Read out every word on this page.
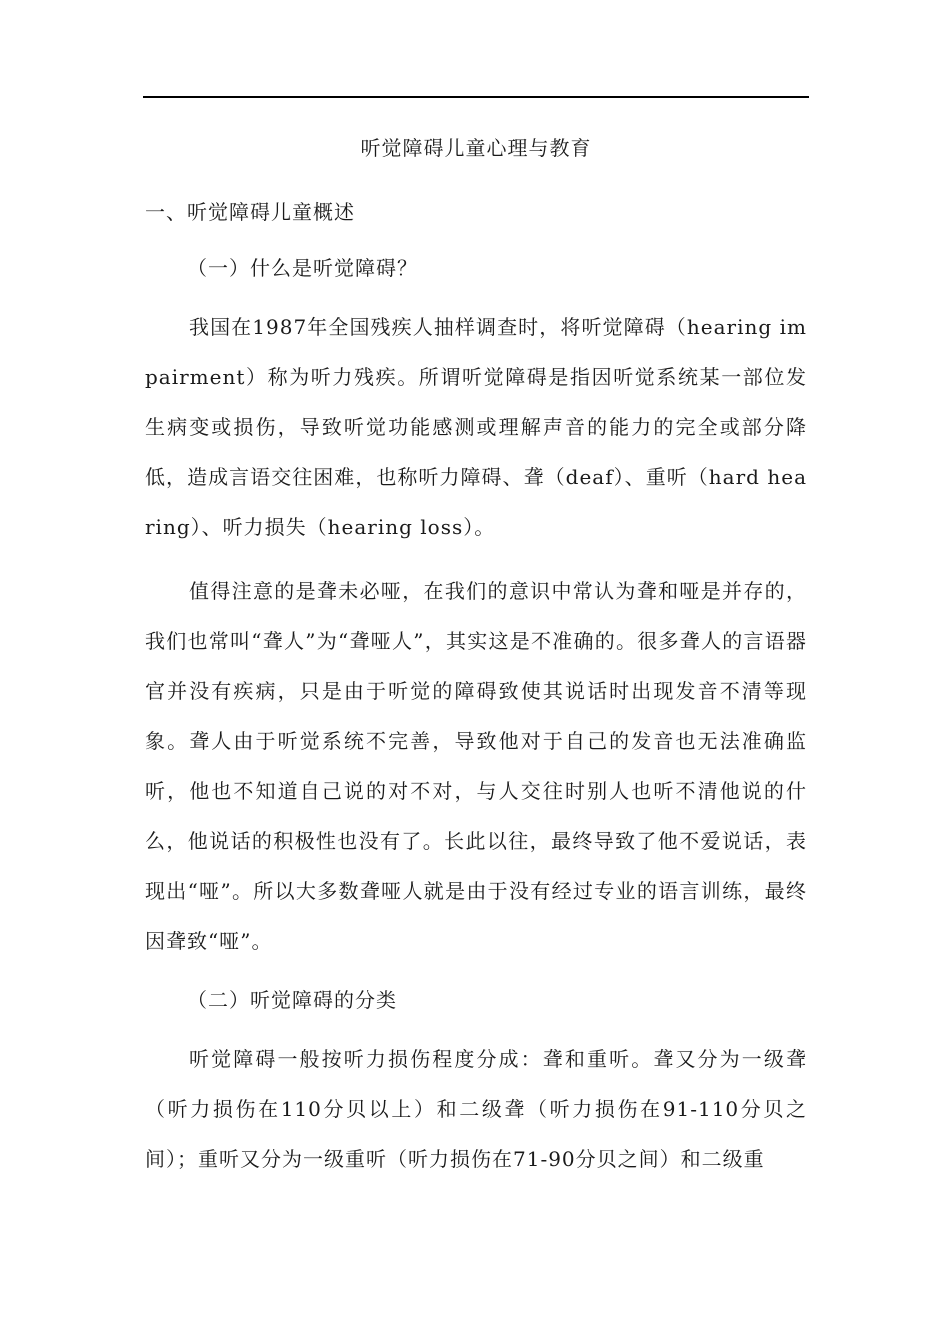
听觉障碍儿童心理与教育
一、听觉障碍儿童概述
（一）什么是听觉障碍？

我国在1987年全国残疾人抽样调查时，将听觉障碍（hearing impairment）称为听力残疾。所谓听觉障碍是指因听觉系统某一部位发生病变或损伤，导致听觉功能感测或理解声音的能力的完全或部分降低，造成言语交往困难，也称听力障碍、聋（deaf）、重听（hard hearing）、听力损失（hearing loss）。

值得注意的是聋未必哑，在我们的意识中常认为聋和哑是并存的，我们也常叫“聋人”为“聋哑人”，其实这是不准确的。很多聋人的言语器官并没有疾病，只是由于听觉的障碍致使其说话时出现发音不清等现象。聋人由于听觉系统不完善，导致他对于自己的发音也无法准确监听，他也不知道自己说的对不对，与人交往时别人也听不清他说的什么，他说话的积极性也没有了。长此以往，最终导致了他不爱说话，表现出“哑”。所以大多数聋哑人就是由于没有经过专业的语言训练，最终因聋致“哑”。

（二）听觉障碍的分类

听觉障碍一般按听力损伤程度分成：聋和重听。聋又分为一级聋（听力损伤在110分贝以上）和二级聋（听力损伤在91-110分贝之间）；重听又分为一级重听（听力损伤在71-90分贝之间）和二级重
